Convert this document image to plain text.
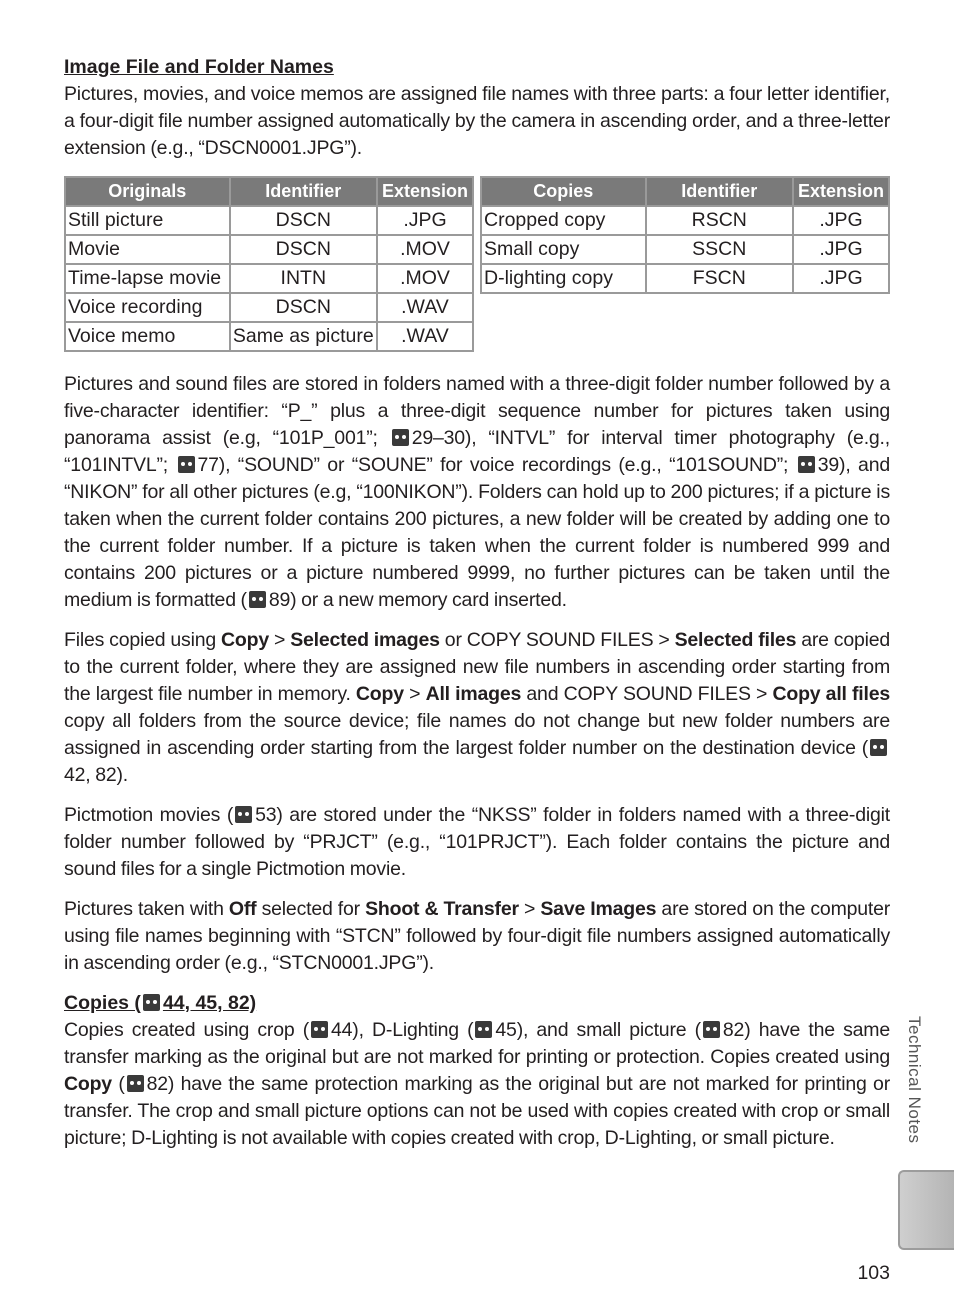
Image File and Folder Names

Pictures, movies, and voice memos are assigned file names with three parts: a four letter identifier, a four-digit file number assigned automatically by the camera in ascending order, and a three-letter extension (e.g., “DSCN0001.JPG”).

Originals	Identifier	Extension
Still picture	DSCN	.JPG
Movie	DSCN	.MOV
Time-lapse movie	INTN	.MOV
Voice recording	DSCN	.WAV
Voice memo	Same as picture	.WAV
Copies	Identifier	Extension
Cropped copy	RSCN	.JPG
Small copy	SSCN	.JPG
D-lighting copy	FSCN	.JPG

Pictures and sound files are stored in folders named with a three-digit folder number followed by a five-character identifier: “P_” plus a three-digit sequence number for pictures taken using panorama assist (e.g, “101P_001”; 29–30), “INTVL” for interval timer photography (e.g., “101INTVL”; 77), “SOUND” or “SOUNE” for voice recordings (e.g., “101SOUND”; 39), and “NIKON” for all other pictures (e.g, “100NIKON”). Folders can hold up to 200 pictures; if a picture is taken when the current folder contains 200 pictures, a new folder will be created by adding one to the current folder number. If a picture is taken when the current folder is numbered 999 and contains 200 pictures or a picture numbered 9999, no further pictures can be taken until the medium is formatted ( 89) or a new memory card inserted.

Files copied using Copy > Selected images or COPY SOUND FILES > Selected files are copied to the current folder, where they are assigned new file numbers in ascending order starting from the largest file number in memory. Copy > All images and COPY SOUND FILES > Copy all files copy all folders from the source device; file names do not change but new folder numbers are assigned in ascending order starting from the largest folder number on the destination device (42, 82).

Pictmotion movies ( 53) are stored under the “NKSS” folder in folders named with a three-digit folder number followed by “PRJCT” (e.g., “101PRJCT”). Each folder contains the picture and sound files for a single Pictmotion movie.

Pictures taken with Off selected for Shoot & Transfer > Save Images are stored on the computer using file names beginning with “STCN” followed by four-digit file numbers assigned automatically in ascending order (e.g., “STCN0001.JPG”).

Copies ( 44, 45, 82)

Copies created using crop ( 44), D-Lighting ( 45), and small picture ( 82) have the same transfer marking as the original but are not marked for printing or protection. Copies created using Copy ( 82) have the same protection marking as the original but are not marked for printing or transfer. The crop and small picture options can not be used with copies created with crop or small picture; D-Lighting is not available with copies created with crop, D-Lighting, or small picture.	Technical Notes
103
